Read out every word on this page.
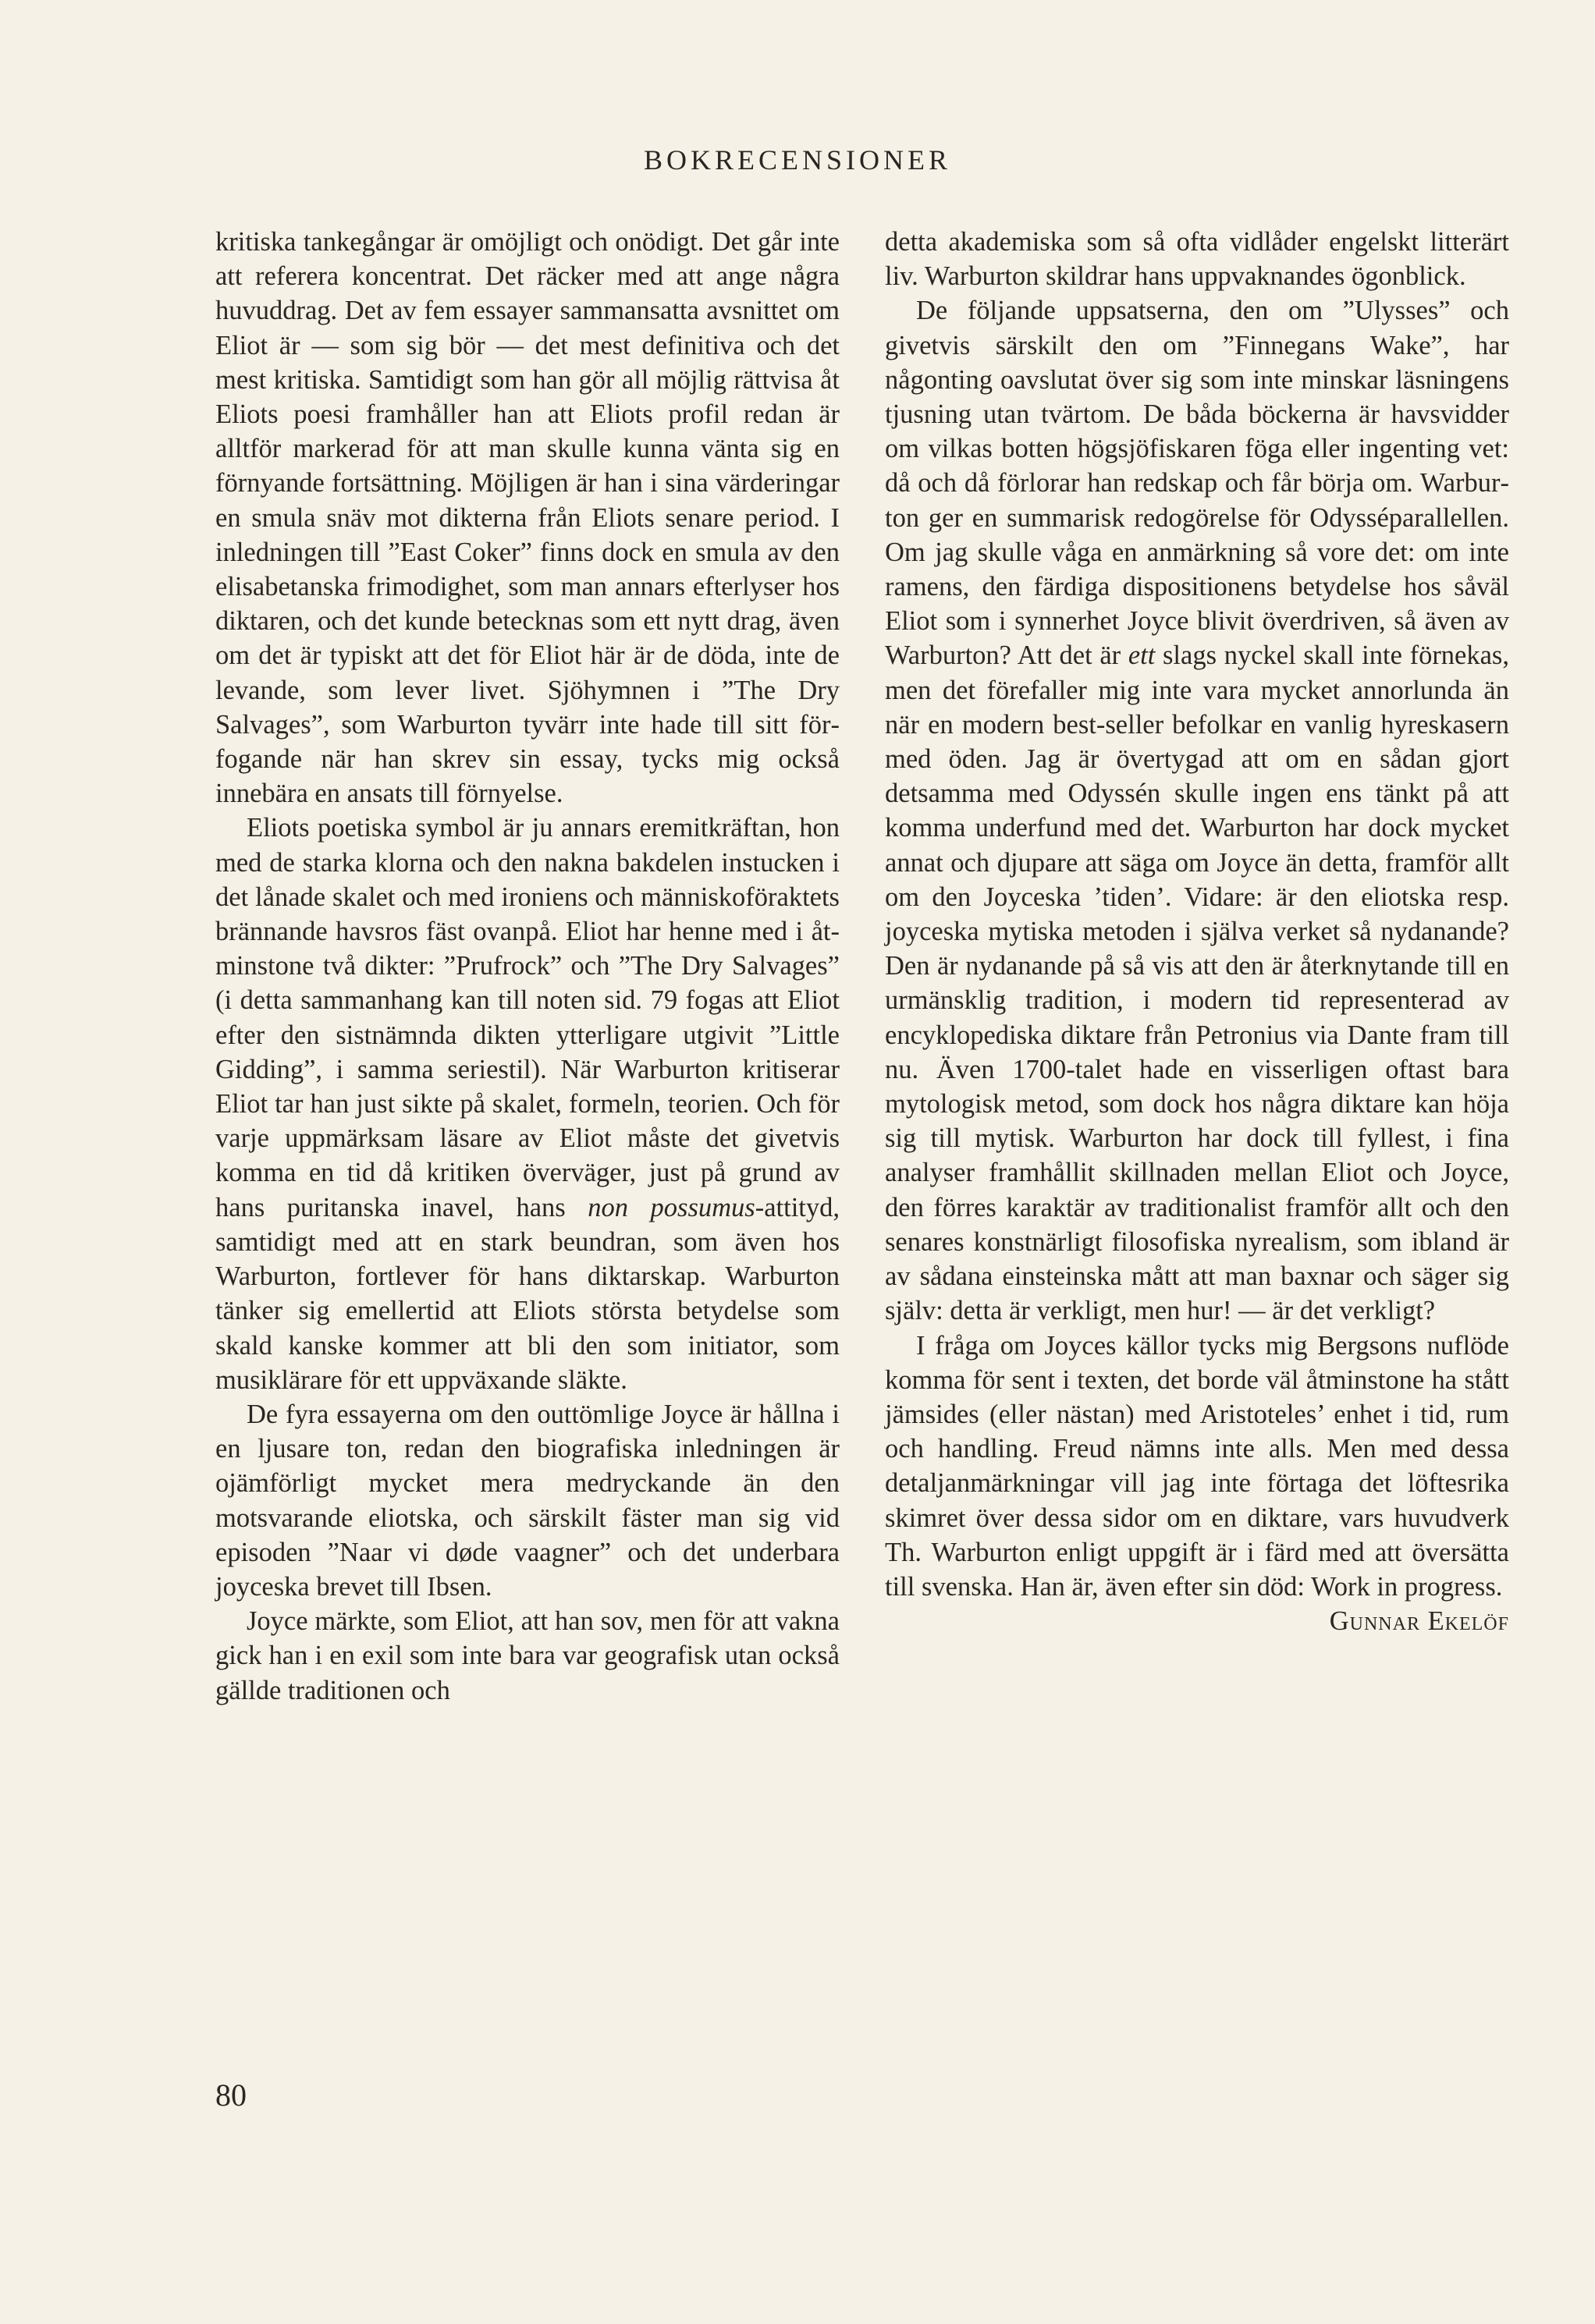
BOKRECENSIONER

kritiska tankegångar är omöjligt och onödigt. Det går inte att referera koncentrat. Det räcker med att ange några huvuddrag. Det av fem essayer sammansatta avsnittet om Eliot är — som sig bör — det mest definitiva och det mest kritiska. Samtidigt som han gör all möjlig rättvisa åt Eliots poesi framhåller han att Eliots profil redan är alltför markerad för att man skulle kunna vänta sig en förnyande fortsättning. Möjligen är han i sina värderingar en smula snäv mot dikterna från Eliots senare period. I inledningen till ”East Coker” finns dock en smula av den elisabetanska frimodighet, som man annars efterlyser hos diktaren, och det kunde betecknas som ett nytt drag, även om det är typiskt att det för Eliot här är de döda, inte de levande, som lever livet. Sjöhymnen i ”The Dry Salvages”, som Warburton tyvärr inte hade till sitt förfogande när han skrev sin essay, tycks mig också innebära en ansats till förnyelse.

Eliots poetiska symbol är ju annars eremitkräftan, hon med de starka klorna och den nakna bakdelen instucken i det lånade skalet och med ironiens och människoföraktets brännande havsros fäst ovanpå. Eliot har henne med i åtminstone två dikter: ”Prufrock” och ”The Dry Salvages” (i detta sammanhang kan till noten sid. 79 fogas att Eliot efter den sistnämnda dikten ytterligare utgivit ”Little Gidding”, i samma seriestil). När Warburton kritiserar Eliot tar han just sikte på skalet, formeln, teorien. Och för varje uppmärksam läsare av Eliot måste det givetvis komma en tid då kritiken överväger, just på grund av hans puritanska inavel, hans non possumus-attityd, samtidigt med att en stark beundran, som även hos Warburton, fortlever för hans diktarskap. Warburton tänker sig emellertid att Eliots största betydelse som skald kanske kommer att bli den som initiator, som musiklärare för ett uppväxande släkte.

De fyra essayerna om den outtömlige Joyce är hållna i en ljusare ton, redan den biografiska inledningen är ojämförligt mycket mera medryckande än den motsvarande eliotska, och särskilt fäster man sig vid episoden ”Naar vi døde vaagner” och det underbara joyceska brevet till Ibsen.

Joyce märkte, som Eliot, att han sov, men för att vakna gick han i en exil som inte bara var geografisk utan också gällde traditionen och

detta akademiska som så ofta vidlåder engelskt litterärt liv. Warburton skildrar hans uppvaknandes ögonblick.

De följande uppsatserna, den om ”Ulysses” och givetvis särskilt den om ”Finnegans Wake”, har någonting oavslutat över sig som inte minskar läsningens tjusning utan tvärtom. De båda böckerna är havsvidder om vilkas botten högsjöfiskaren föga eller ingenting vet: då och då förlorar han redskap och får börja om. Warburton ger en summarisk redogörelse för Odysséparallellen. Om jag skulle våga en anmärkning så vore det: om inte ramens, den färdiga dispositionens betydelse hos såväl Eliot som i synnerhet Joyce blivit överdriven, så även av Warburton? Att det är ett slags nyckel skall inte förnekas, men det förefaller mig inte vara mycket annorlunda än när en modern best-seller befolkar en vanlig hyreskasern med öden. Jag är övertygad att om en sådan gjort detsamma med Odyssén skulle ingen ens tänkt på att komma underfund med det. Warburton har dock mycket annat och djupare att säga om Joyce än detta, framför allt om den Joyceska ’tiden’. Vidare: är den eliotska resp. joyceska mytiska metoden i själva verket så nydanande? Den är nydanande på så vis att den är återknytande till en urmänsklig tradition, i modern tid representerad av encyklopediska diktare från Petronius via Dante fram till nu. Även 1700-talet hade en visserligen oftast bara mytologisk metod, som dock hos några diktare kan höja sig till mytisk. Warburton har dock till fyllest, i fina analyser framhållit skillnaden mellan Eliot och Joyce, den förres karaktär av traditionalist framför allt och den senares konstnärligt filosofiska nyrealism, som ibland är av sådana einsteinska mått att man baxnar och säger sig själv: detta är verkligt, men hur! — är det verkligt?

I fråga om Joyces källor tycks mig Bergsons nuflöde komma för sent i texten, det borde väl åtminstone ha stått jämsides (eller nästan) med Aristoteles’ enhet i tid, rum och handling. Freud nämns inte alls. Men med dessa detaljanmärkningar vill jag inte förtaga det löftesrika skimret över dessa sidor om en diktare, vars huvudverk Th. Warburton enligt uppgift är i färd med att översätta till svenska. Han är, även efter sin död: Work in progress.
Gunnar Ekelöf

80
